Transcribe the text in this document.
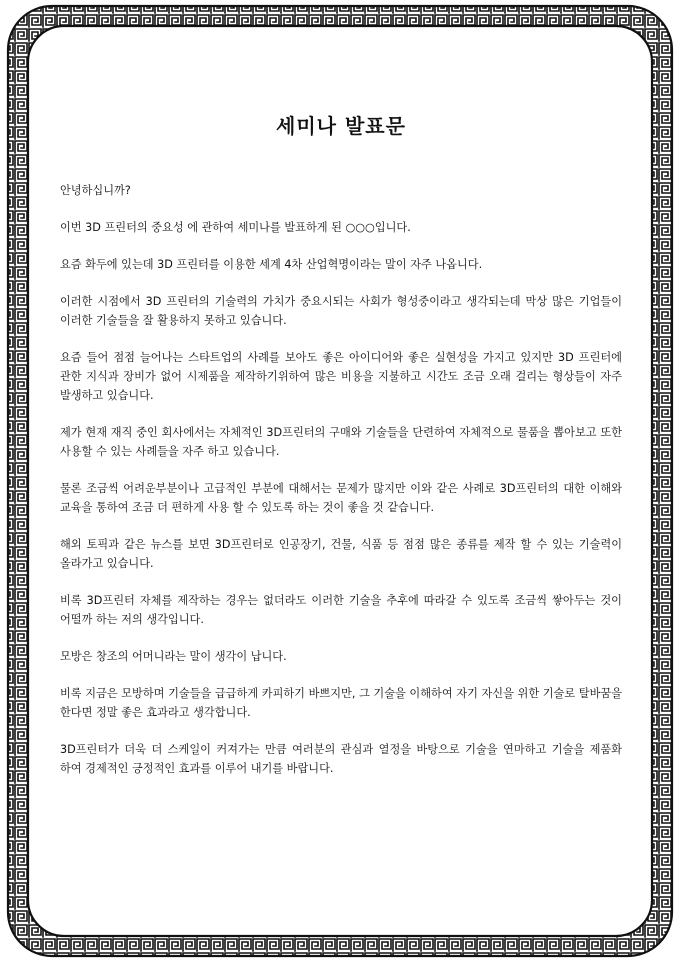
세미나 발표문

안녕하십니까?

이번 3D 프린터의 중요성 에 관하여 세미나를 발표하게 된 ○○○입니다.

요즘 화두에 있는데 3D 프린터를 이용한 세계 4차 산업혁명이라는 말이 자주 나옵니다.

이러한 시점에서 3D 프린터의 기술력의 가치가 중요시되는 사회가 형성중이라고 생각되는데 막상 많은 기업들이 이러한 기술들을 잘 활용하지 못하고 있습니다.

요즘 들어 점점 늘어나는 스타트업의 사례를 보아도 좋은 아이디어와 좋은 실현성을 가지고 있지만 3D 프린터에 관한 지식과 장비가 없어 시제품을 제작하기위하여 많은 비용을 지불하고 시간도 조금 오래 걸리는 형상들이 자주 발생하고 있습니다.

제가 현재 재직 중인 회사에서는 자체적인 3D프린터의 구매와 기술들을 단련하여 자체적으로 물품을 뽑아보고 또한 사용할 수 있는 사례들을 자주 하고 있습니다.

물론 조금씩 어려운부분이나 고급적인 부분에 대해서는 문제가 많지만 이와 같은 사례로 3D프린터의 대한 이해와 교육을 통하여 조금 더 편하게 사용 할 수 있도록 하는 것이 좋을 것 같습니다.

해외 토픽과 같은 뉴스를 보면 3D프린터로 인공장기, 건물, 식품 등 점점 많은 종류를 제작 할 수 있는 기술력이 올라가고 있습니다.

비록 3D프린터 자체를 제작하는 경우는 없더라도 이러한 기술을 추후에 따라갈 수 있도록 조금씩 쌓아두는 것이 어떨까 하는 저의 생각입니다.

모방은 창조의 어머니라는 말이 생각이 납니다.

비록 지금은 모방하며 기술들을 급급하게 카피하기 바쁘지만, 그 기술을 이해하여 자기 자신을 위한 기술로 탈바꿈을 한다면 정말 좋은 효과라고 생각합니다.

3D프린터가 더욱 더 스케일이 커져가는 만큼 여러분의 관심과 열정을 바탕으로 기술을 연마하고 기술을 제품화 하여 경제적인 긍정적인 효과를 이루어 내기를 바랍니다.
